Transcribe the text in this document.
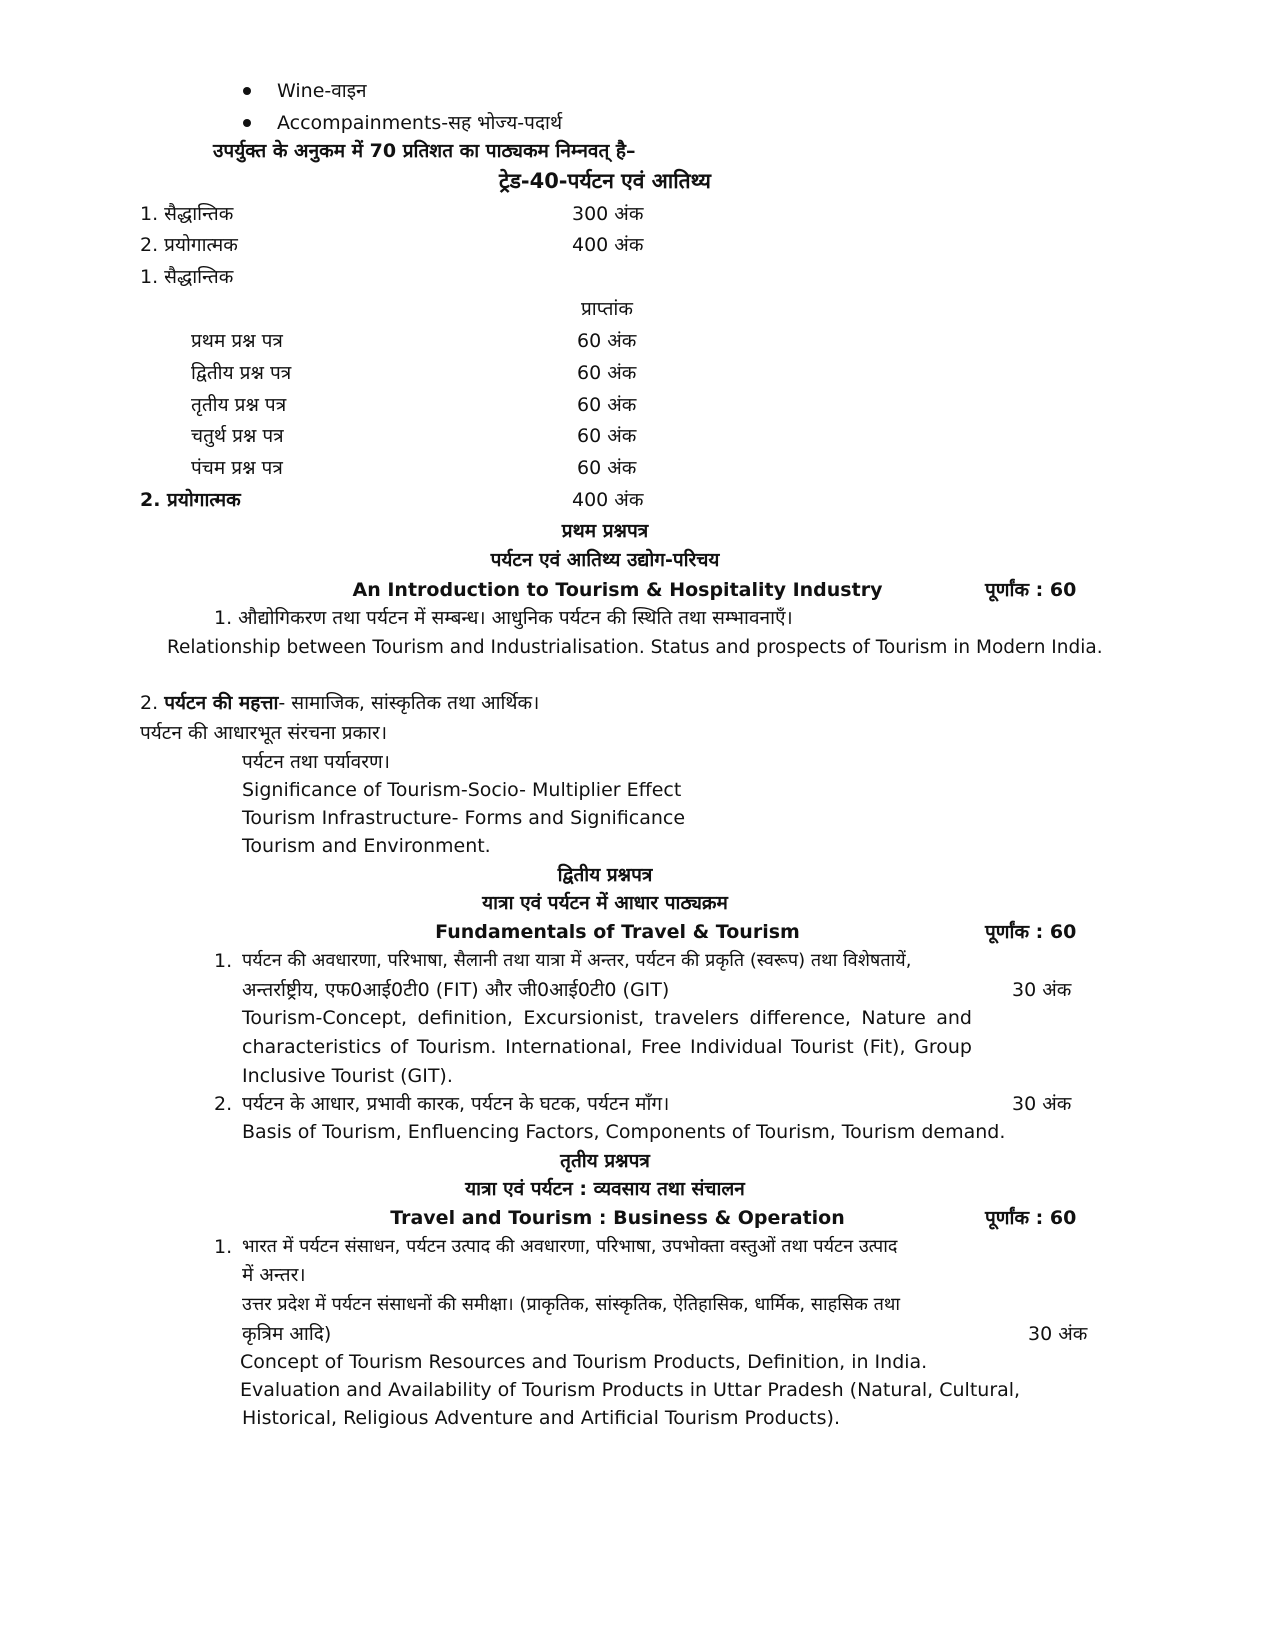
Wine-वाइन
Accompainments-सह भोज्य-पदार्थ
उपर्युक्त के अनुकम में 70 प्रतिशत का पाठ्यकम निम्नवत् है–
ट्रेड-40-पर्यटन एवं आतिथ्य
1. सैद्धान्तिक	300 अंक
2. प्रयोगात्मक	400 अंक
1. सैद्धान्तिक
प्राप्तांक
प्रथम प्रश्न पत्र	60 अंक
द्वितीय प्रश्न पत्र	60 अंक
तृतीय प्रश्न पत्र	60 अंक
चतुर्थ प्रश्न पत्र	60 अंक
पंचम प्रश्न पत्र	60 अंक
2. प्रयोगात्मक	400 अंक
प्रथम प्रश्नपत्र
पर्यटन एवं आतिथ्य उद्योग-परिचय
An Introduction to Tourism & Hospitality Industry	पूर्णांक : 60
1. औद्योगिकरण तथा पर्यटन में सम्बन्ध। आधुनिक पर्यटन की स्थिति तथा सम्भावनाएँ।
Relationship between Tourism and Industrialisation. Status and prospects of Tourism in Modern India.
2. पर्यटन की महत्ता- सामाजिक, सांस्कृतिक तथा आर्थिक।
पर्यटन की आधारभूत संरचना प्रकार।
पर्यटन तथा पर्यावरण।
Significance of Tourism-Socio- Multiplier Effect
Tourism Infrastructure- Forms and Significance
Tourism and Environment.
द्वितीय प्रश्नपत्र
यात्रा एवं पर्यटन में आधार पाठ्यक्रम
Fundamentals of Travel & Tourism	पूर्णांक : 60
1. पर्यटन की अवधारणा, परिभाषा, सैलानी तथा यात्रा में अन्तर, पर्यटन की प्रकृति (स्वरूप) तथा विशेषतायें,
अन्तर्राष्ट्रीय, एफ0आई0टी0 (FIT) और जी0आई0टी0 (GIT)	30 अंक
Tourism-Concept, definition, Excursionist, travelers difference, Nature and characteristics of Tourism. International, Free Individual Tourist (Fit), Group Inclusive Tourist (GIT).
2. पर्यटन के आधार, प्रभावी कारक, पर्यटन के घटक, पर्यटन माँग।	30 अंक
Basis of Tourism, Enfluencing Factors, Components of Tourism, Tourism demand.
तृतीय प्रश्नपत्र
यात्रा एवं पर्यटन : व्यवसाय तथा संचालन
Travel and Tourism : Business & Operation	पूर्णांक : 60
1. भारत में पर्यटन संसाधन, पर्यटन उत्पाद की अवधारणा, परिभाषा, उपभोक्ता वस्तुओं तथा पर्यटन उत्पाद
में अन्तर।
उत्तर प्रदेश में पर्यटन संसाधनों की समीक्षा। (प्राकृतिक, सांस्कृतिक, ऐतिहासिक, धार्मिक, साहसिक तथा
कृत्रिम आदि)	30 अंक
Concept of Tourism Resources and Tourism Products, Definition, in India.
Evaluation and Availability of Tourism Products in Uttar Pradesh (Natural, Cultural,
Historical, Religious Adventure and Artificial Tourism Products).
